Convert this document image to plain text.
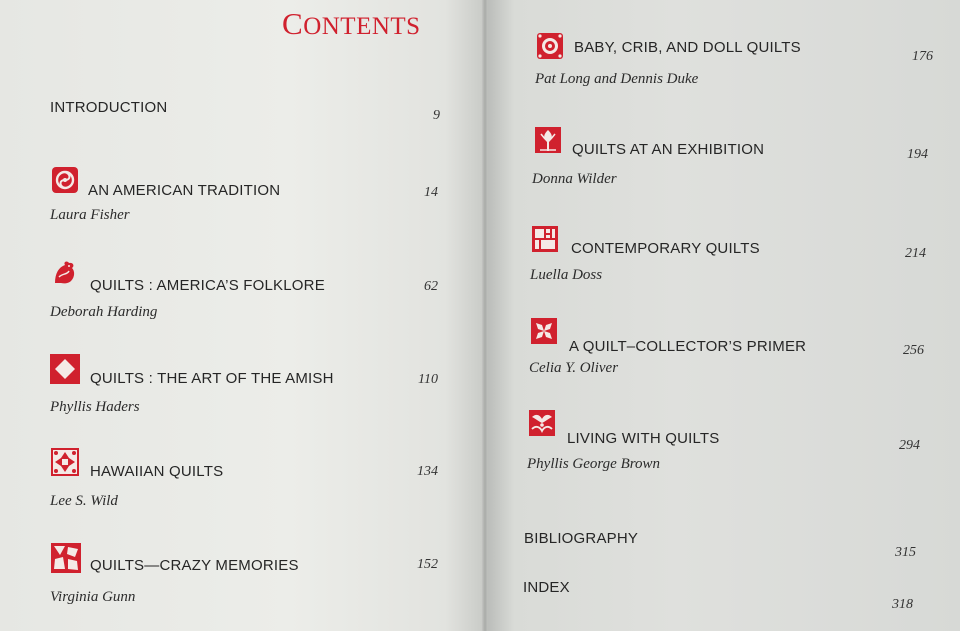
CONTENTS
INTRODUCTION	9
AN AMERICAN TRADITION
Laura Fisher
14
QUILTS : AMERICA’S FOLKLORE
Deborah Harding
62
QUILTS : THE ART OF THE AMISH
Phyllis Haders
110
HAWAIIAN QUILTS
Lee S. Wild
134
QUILTS—CRAZY MEMORIES
Virginia Gunn
152
BABY, CRIB, AND DOLL QUILTS
Pat Long and Dennis Duke
176
QUILTS AT AN EXHIBITION
Donna Wilder
194
CONTEMPORARY QUILTS
Luella Doss
214
A QUILT–COLLECTOR’S PRIMER
Celia Y. Oliver
256
LIVING WITH QUILTS
Phyllis George Brown
294
BIBLIOGRAPHY
315
INDEX
318
